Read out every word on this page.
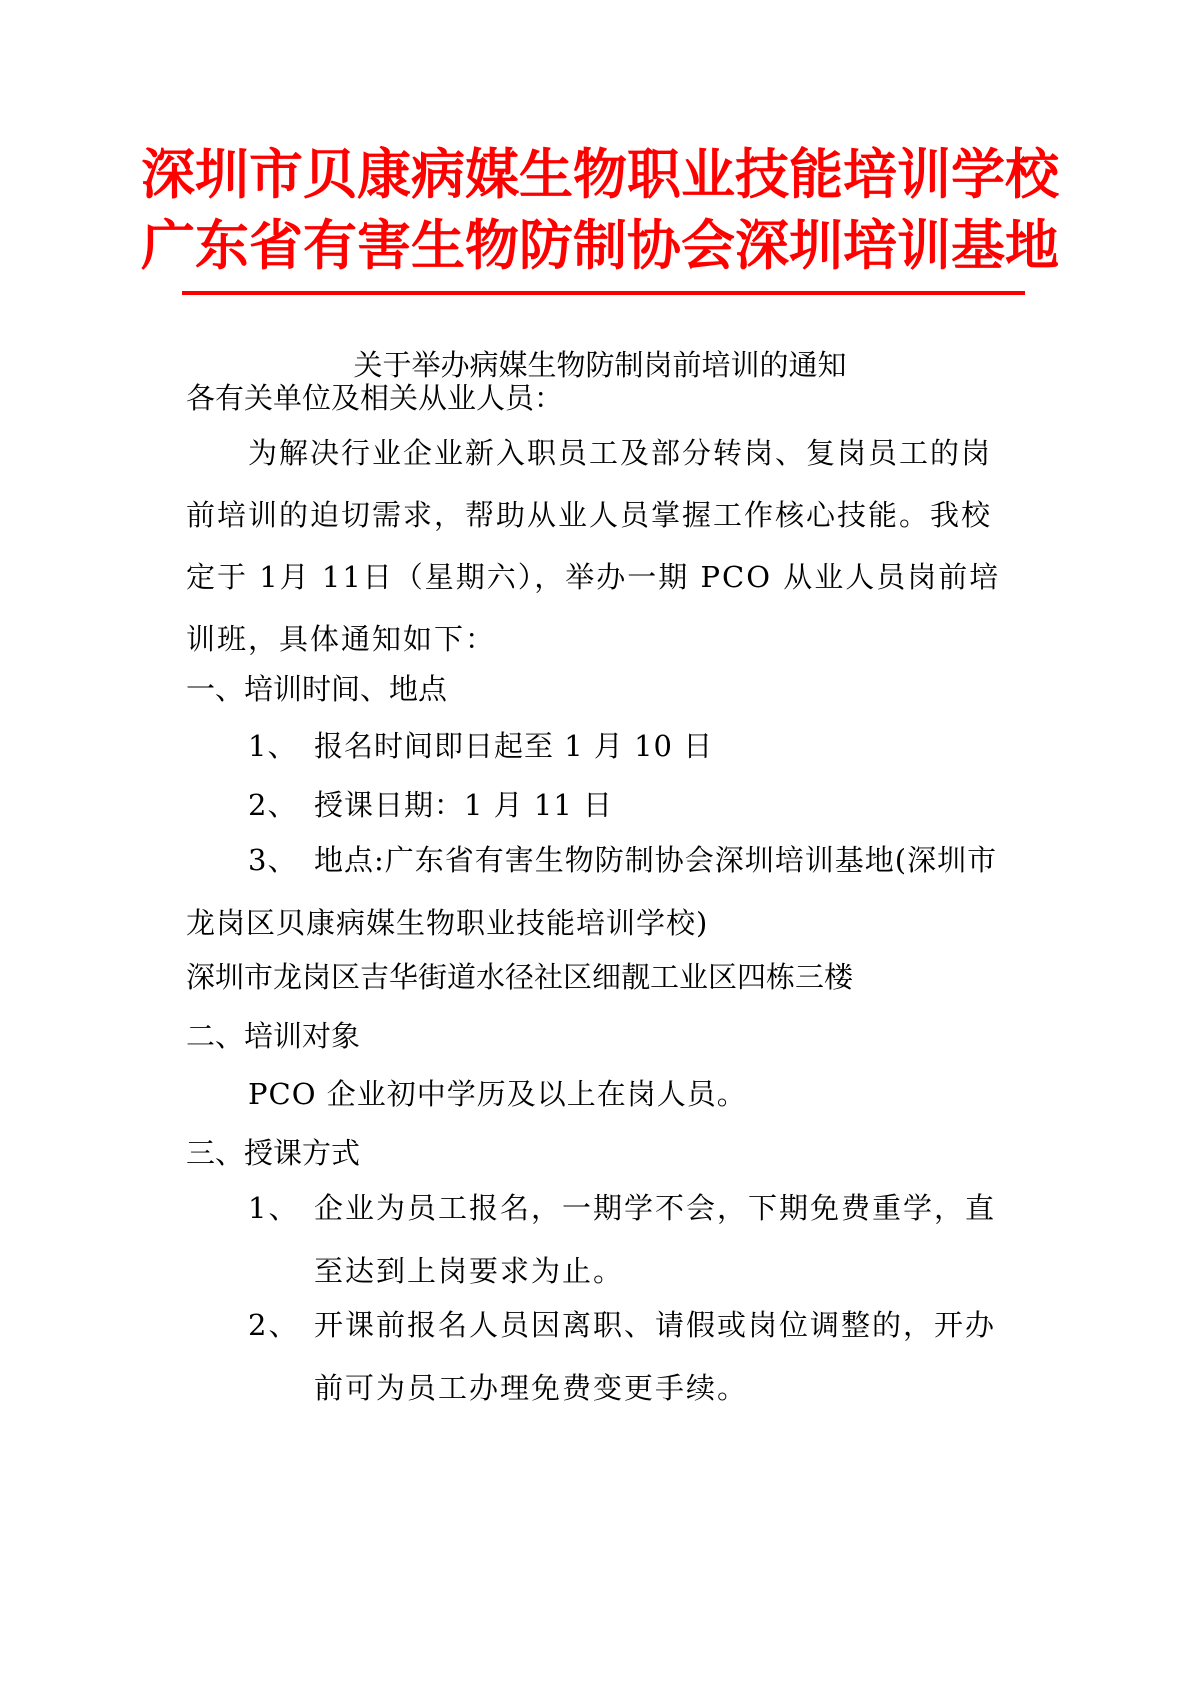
深圳市贝康病媒生物职业技能培训学校
广东省有害生物防制协会深圳培训基地
关于举办病媒生物防制岗前培训的通知
各有关单位及相关从业人员：
为解决行业企业新入职员工及部分转岗、复岗员工的岗前培训的迫切需求，帮助从业人员掌握工作核心技能。我校定于 1月 11日（星期六），举办一期 PCO 从业人员岗前培训班，具体通知如下：
一、培训时间、地点
1、 报名时间即日起至 1 月 10 日
2、 授课日期：1 月 11 日
3、 地点:广东省有害生物防制协会深圳培训基地(深圳市龙岗区贝康病媒生物职业技能培训学校)
深圳市龙岗区吉华街道水径社区细靓工业区四栋三楼
二、培训对象
PCO 企业初中学历及以上在岗人员。
三、授课方式
1、 企业为员工报名，一期学不会，下期免费重学，直至达到上岗要求为止。
2、 开课前报名人员因离职、请假或岗位调整的，开办前可为员工办理免费变更手续。
